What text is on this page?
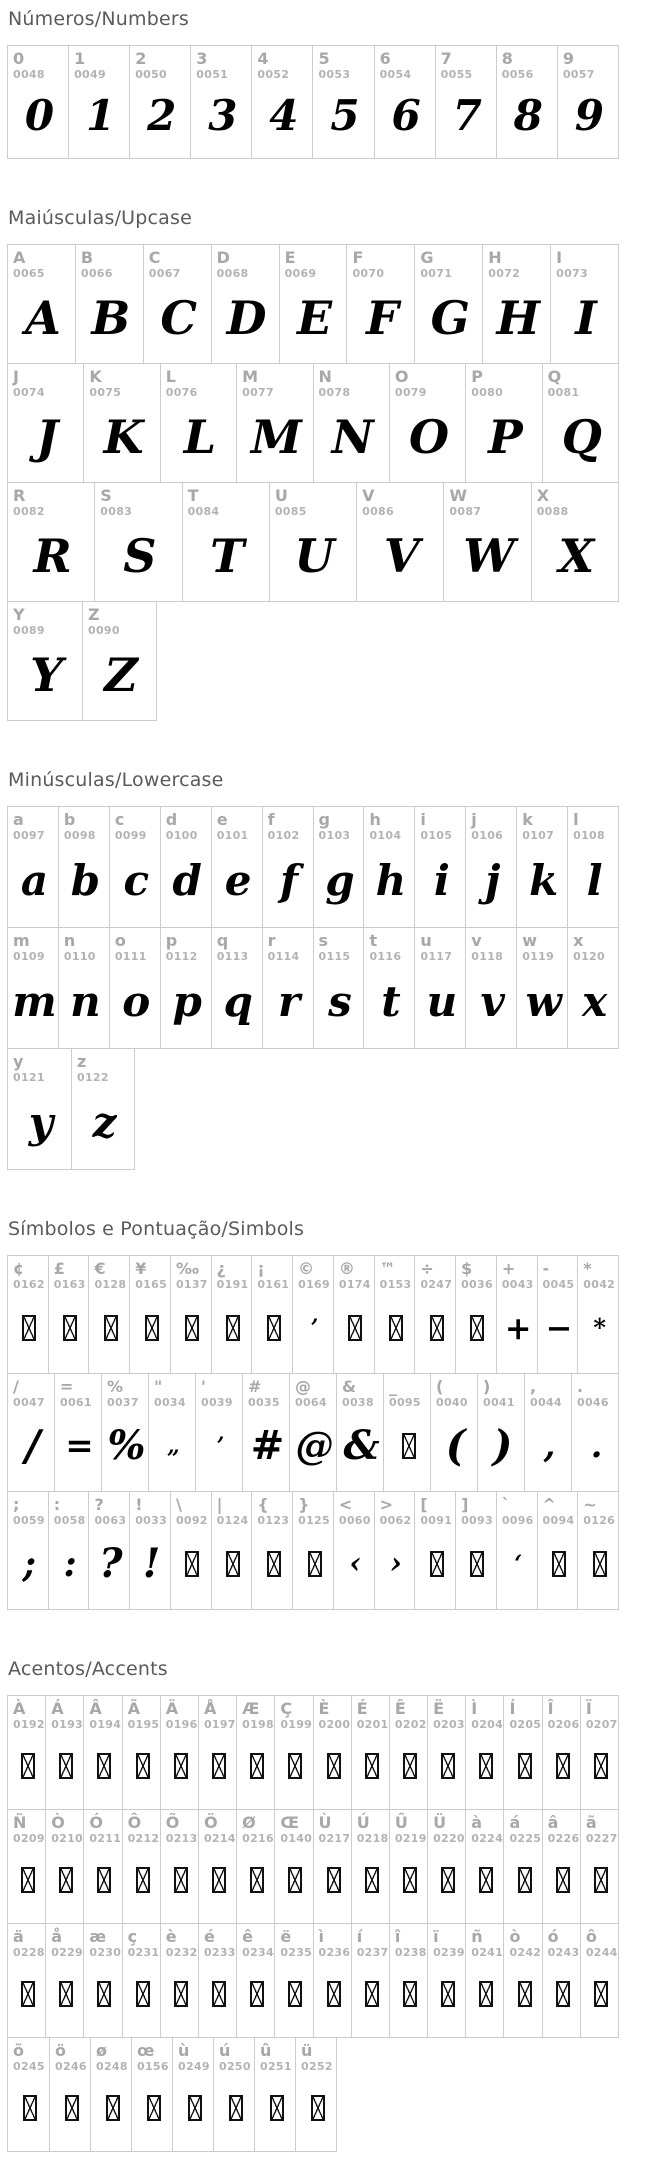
Números/Numbers
0
0048
0
1
0049
1
2
0050
2
3
0051
3
4
0052
4
5
0053
5
6
0054
6
7
0055
7
8
0056
8
9
0057
9
Maiúsculas/Upcase
A
0065
A
B
0066
B
C
0067
C
D
0068
D
E
0069
E
F
0070
F
G
0071
G
H
0072
H
I
0073
I
J
0074
J
K
0075
K
L
0076
L
M
0077
M
N
0078
N
O
0079
O
P
0080
P
Q
0081
Q
R
0082
R
S
0083
S
T
0084
T
U
0085
U
V
0086
V
W
0087
W
X
0088
X
Y
0089
Y
Z
0090
Z
Minúsculas/Lowercase
a
0097
a
b
0098
b
c
0099
c
d
0100
d
e
0101
e
f
0102
f
g
0103
g
h
0104
h
i
0105
i
j
0106
j
k
0107
k
l
0108
l
m
0109
m
n
0110
n
o
0111
o
p
0112
p
q
0113
q
r
0114
r
s
0115
s
t
0116
t
u
0117
u
v
0118
v
w
0119
w
x
0120
x
y
0121
y
z
0122
z
Símbolos e Pontuação/Simbols
¢
0162
£
0163
€
0128
¥
0165
‰
0137
¿
0191
¡
0161
©
0169
’
®
0174
™
0153
÷
0247
$
0036
+
0043
+
-
0045
−
*
0042
*
/
0047
/
=
0061
=
%
0037
%
"
0034
„
'
0039
’
#
0035
#
@
0064
@
&
0038
&
_
0095
(
0040
(
)
0041
)
,
0044
,
.
0046
.
;
0059
;
:
0058
:
?
0063
?
!
0033
!
\
0092
|
0124
{
0123
}
0125
<
0060
‹
>
0062
›
[
0091
]
0093
`
0096
‘
^
0094
~
0126
Acentos/Accents
À
0192
Á
0193
Â
0194
Ã
0195
Ä
0196
Å
0197
Æ
0198
Ç
0199
È
0200
É
0201
Ê
0202
Ë
0203
Ì
0204
Í
0205
Î
0206
Ï
0207
Ñ
0209
Ò
0210
Ó
0211
Ô
0212
Õ
0213
Ö
0214
Ø
0216
Œ
0140
Ù
0217
Ú
0218
Û
0219
Ü
0220
à
0224
á
0225
â
0226
ã
0227
ä
0228
å
0229
æ
0230
ç
0231
è
0232
é
0233
ê
0234
ë
0235
ì
0236
í
0237
î
0238
ï
0239
ñ
0241
ò
0242
ó
0243
ô
0244
õ
0245
ö
0246
ø
0248
œ
0156
ù
0249
ú
0250
û
0251
ü
0252
